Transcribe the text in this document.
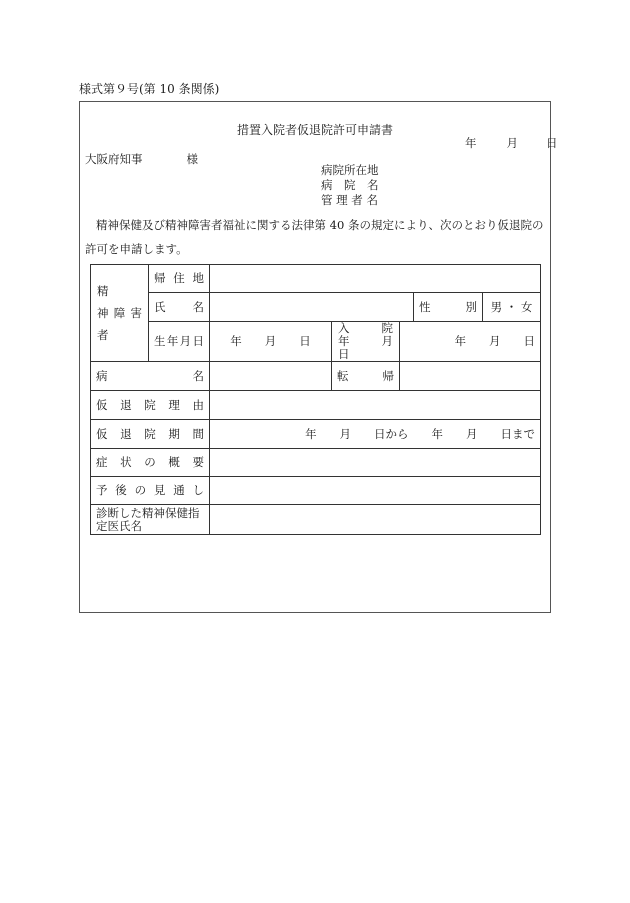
様式第９号(第 10 条関係)
措置入院者仮退院許可申請書
年	月 日
大阪府知事	様
病院所在地
病　院　名
管 理 者 名
精神保健及び精神障害者福祉に関する法律第 40 条の規定により、次のとおり仮退院の
許可を申請します。
精　　神 障 害 者	帰 住 地					
	氏　　名				性　　別	男 ・ 女
	生年月日	年　　月　　日	入　　院 年　月　日	年　　月　　日		
病　　名			転　　帰			
仮 退 院 理 由						
仮 退 院 期 間		年　　月　　日から　　年　　月　　日まで				
症 状 の 概 要						
予 後 の 見 通 し						
診断した精神保健指定医氏名						
